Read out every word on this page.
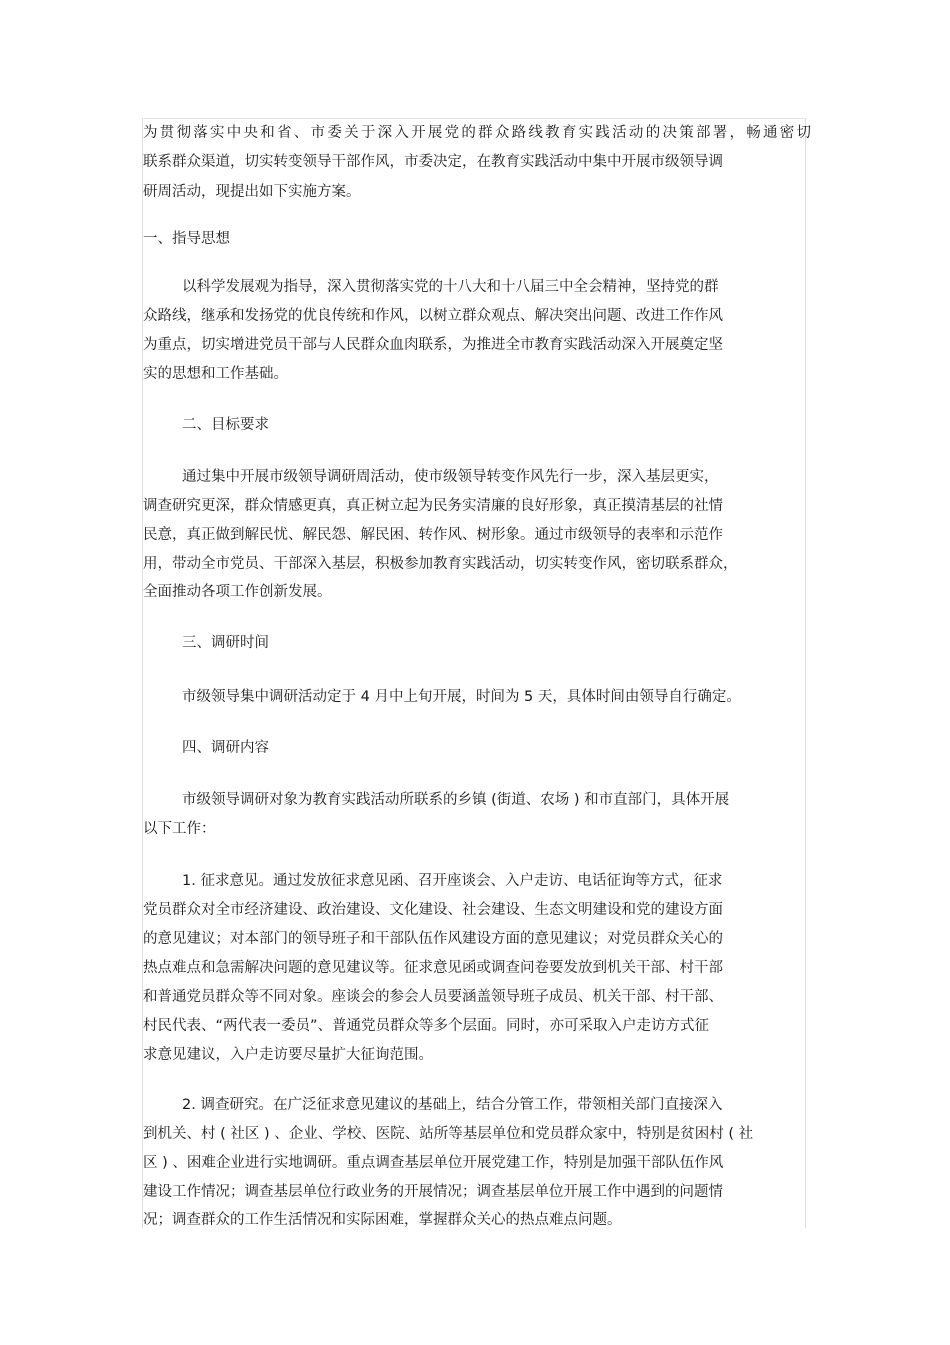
为贯彻落实中央和省、市委关于深入开展党的群众路线教育实践活动的决策部署，畅通密切
联系群众渠道，切实转变领导干部作风，市委决定，在教育实践活动中集中开展市级领导调
研周活动，现提出如下实施方案。
一、指导思想
以科学发展观为指导，深入贯彻落实党的十八大和十八届三中全会精神，坚持党的群
众路线，继承和发扬党的优良传统和作风，以树立群众观点、解决突出问题、改进工作作风
为重点，切实增进党员干部与人民群众血肉联系，为推进全市教育实践活动深入开展奠定坚
实的思想和工作基础。
二、目标要求
通过集中开展市级领导调研周活动，使市级领导转变作风先行一步，深入基层更实，
调查研究更深，群众情感更真，真正树立起为民务实清廉的良好形象，真正摸清基层的社情
民意，真正做到解民忧、解民怨、解民困、转作风、树形象。通过市级领导的表率和示范作
用，带动全市党员、干部深入基层，积极参加教育实践活动，切实转变作风，密切联系群众，
全面推动各项工作创新发展。
三、调研时间
市级领导集中调研活动定于 4 月中上旬开展，时间为 5 天，具体时间由领导自行确定。
四、调研内容
市级领导调研对象为教育实践活动所联系的乡镇 (街道、农场 ) 和市直部门，具体开展
以下工作：
1. 征求意见。通过发放征求意见函、召开座谈会、入户走访、电话征询等方式，征求
党员群众对全市经济建设、政治建设、文化建设、社会建设、生态文明建设和党的建设方面
的意见建议；对本部门的领导班子和干部队伍作风建设方面的意见建议；对党员群众关心的
热点难点和急需解决问题的意见建议等。征求意见函或调查问卷要发放到机关干部、村干部
和普通党员群众等不同对象。座谈会的参会人员要涵盖领导班子成员、机关干部、村干部、
村民代表、“两代表一委员”、普通党员群众等多个层面。同时，亦可采取入户走访方式征
求意见建议，入户走访要尽量扩大征询范围。
2. 调查研究。在广泛征求意见建议的基础上，结合分管工作，带领相关部门直接深入
到机关、村 ( 社区 ) 、企业、学校、医院、站所等基层单位和党员群众家中，特别是贫困村 ( 社
区 ) 、困难企业进行实地调研。重点调查基层单位开展党建工作，特别是加强干部队伍作风
建设工作情况；调查基层单位行政业务的开展情况；调查基层单位开展工作中遇到的问题情
况；调查群众的工作生活情况和实际困难，掌握群众关心的热点难点问题。
